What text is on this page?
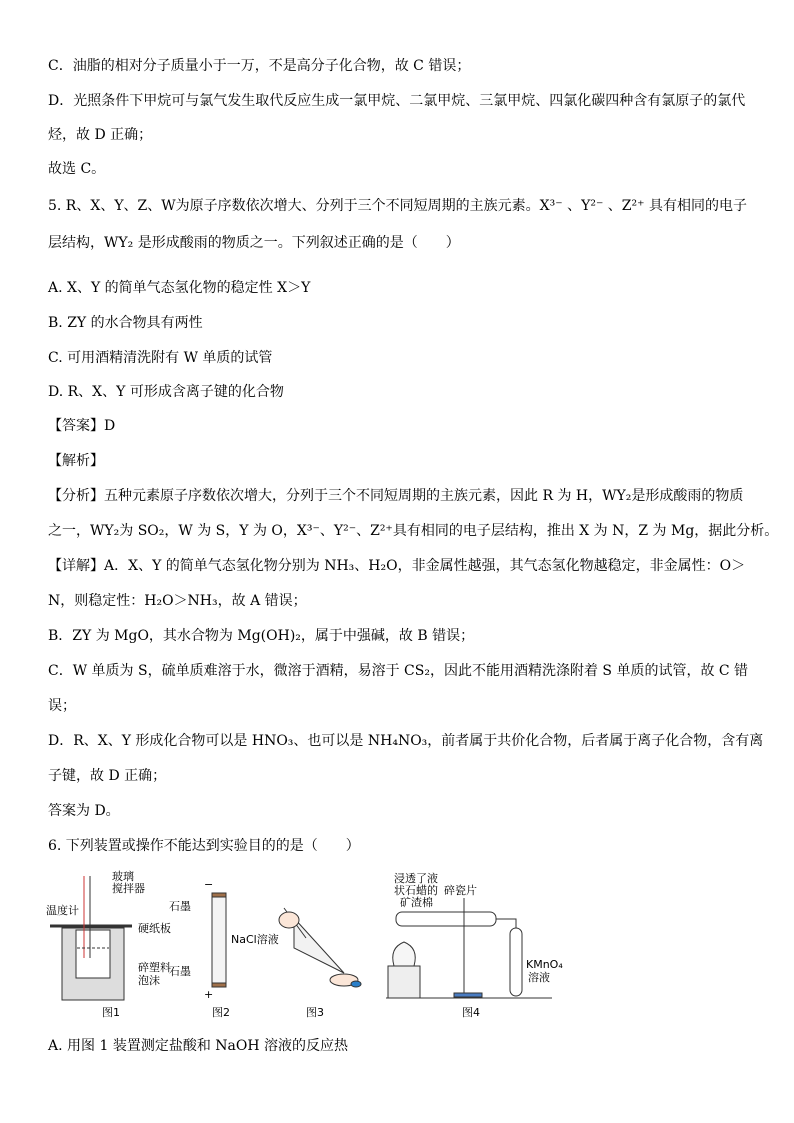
C．油脂的相对分子质量小于一万，不是高分子化合物，故 C 错误；
D．光照条件下甲烷可与氯气发生取代反应生成一氯甲烷、二氯甲烷、三氯甲烷、四氯化碳四种含有氯原子的氯代
烃，故 D 正确；
故选 C。
5. R、X、Y、Z、W为原子序数依次增大、分列于三个不同短周期的主族元素。X³⁻ 、Y²⁻ 、Z²⁺ 具有相同的电子
层结构，WY₂ 是形成酸雨的物质之一。下列叙述正确的是（　　）
A. X、Y 的简单气态氢化物的稳定性 X＞Y
B. ZY 的水合物具有两性
C. 可用酒精清洗附有 W 单质的试管
D. R、X、Y 可形成含离子键的化合物
【答案】D
【解析】
【分析】五种元素原子序数依次增大，分列于三个不同短周期的主族元素，因此 R 为 H，WY₂是形成酸雨的物质
之一，WY₂为 SO₂，W 为 S，Y 为 O，X³⁻、Y²⁻、Z²⁺具有相同的电子层结构，推出 X 为 N，Z 为 Mg，据此分析。
【详解】A．X、Y 的简单气态氢化物分别为 NH₃、H₂O，非金属性越强，其气态氢化物越稳定，非金属性：O＞
N，则稳定性：H₂O＞NH₃，故 A 错误；
B．ZY 为 MgO，其水合物为 Mg(OH)₂，属于中强碱，故 B 错误；
C．W 单质为 S，硫单质难溶于水，微溶于酒精，易溶于 CS₂，因此不能用酒精洗涤附着 S 单质的试管，故 C 错
误；
D．R、X、Y 形成化合物可以是 HNO₃、也可以是 NH₄NO₃，前者属于共价化合物，后者属于离子化合物，含有离
子键，故 D 正确；
答案为 D。
6. 下列装置或操作不能达到实验目的的是（　　）
玻璃
搅拌器
温度计
硬纸板
碎塑料
泡沫
图1
石墨
石墨
NaCl溶液
−
+
图2	图3
浸透了液
状石蜡的
矿渣棉
碎瓷片
KMnO₄
溶液
图4
A. 用图 1 装置测定盐酸和 NaOH 溶液的反应热
